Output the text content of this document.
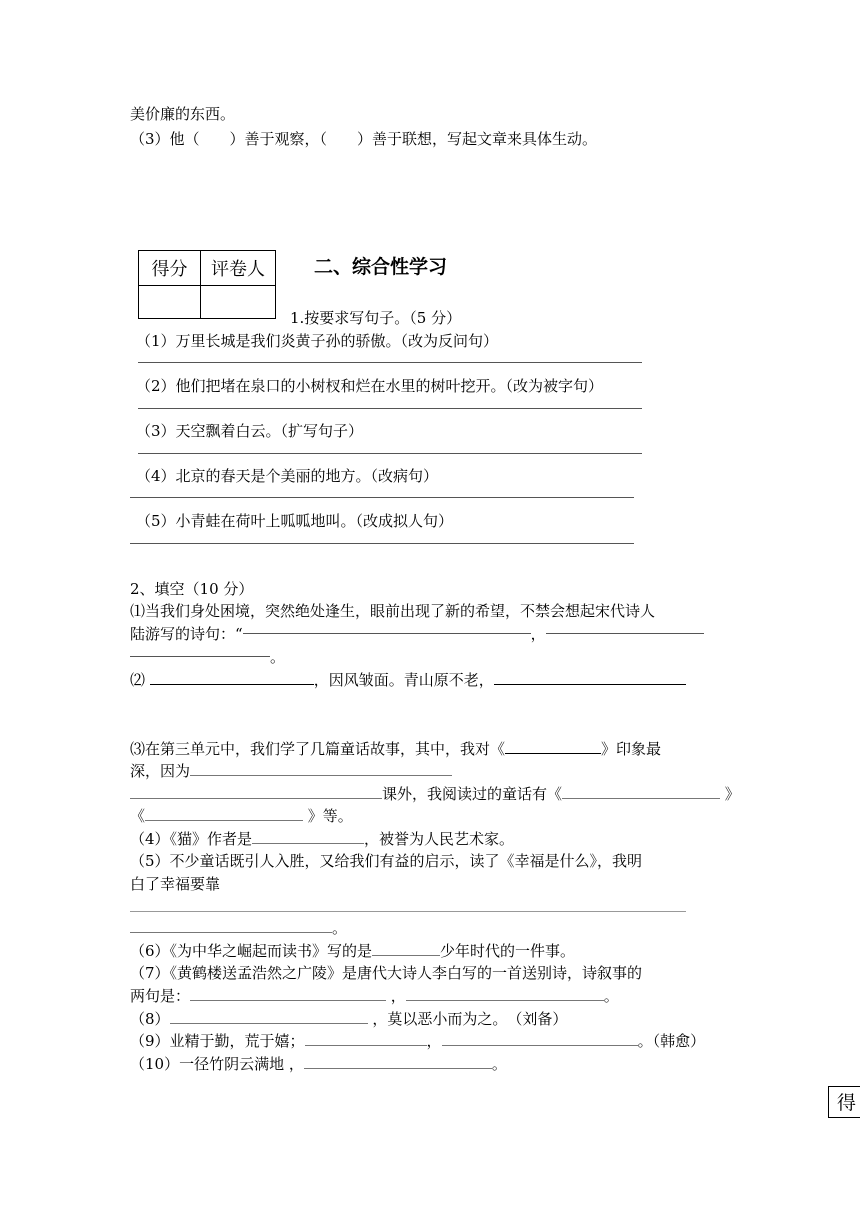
美价廉的东西。
（3）他（　　）善于观察，（　　）善于联想，写起文章来具体生动。
得分	评卷人
		二、综合性学习
1.按要求写句子。（5 分）
（1）万里长城是我们炎黄子孙的骄傲。（改为反问句）
（2）他们把堵在泉口的小树杈和烂在水里的树叶挖开。（改为被字句）
（3）天空飘着白云。（扩写句子）
（4）北京的春天是个美丽的地方。（改病句）
（5）小青蛙在荷叶上呱呱地叫。（改成拟人句）
2、填空（10 分）
⑴当我们身处困境，突然绝处逢生，眼前出现了新的希望，不禁会想起宋代诗人
陆游写的诗句：“	，
。
⑵	，因风皱面。青山原不老，
⑶在第三单元中，我们学了几篇童话故事，其中，我对《	》印象最
深，因为
课外，我阅读过的童话有《	》
《	》等。
（4）《猫》作者是	，被誉为人民艺术家。
（5）不少童话既引人入胜，又给我们有益的启示，读了《幸福是什么》，我明
白了幸福要靠
。
（6）《为中华之崛起而读书》写的是	少年时代的一件事。
（7）《黄鹤楼送孟浩然之广陵》是唐代大诗人李白写的一首送别诗，诗叙事的
两句是：	，	。
（8）	，莫以恶小而为之。　（刘备）
（9）业精于勤，荒于嬉；	，	。（韩愈）
（10）一径竹阴云满地 ，	。
得
